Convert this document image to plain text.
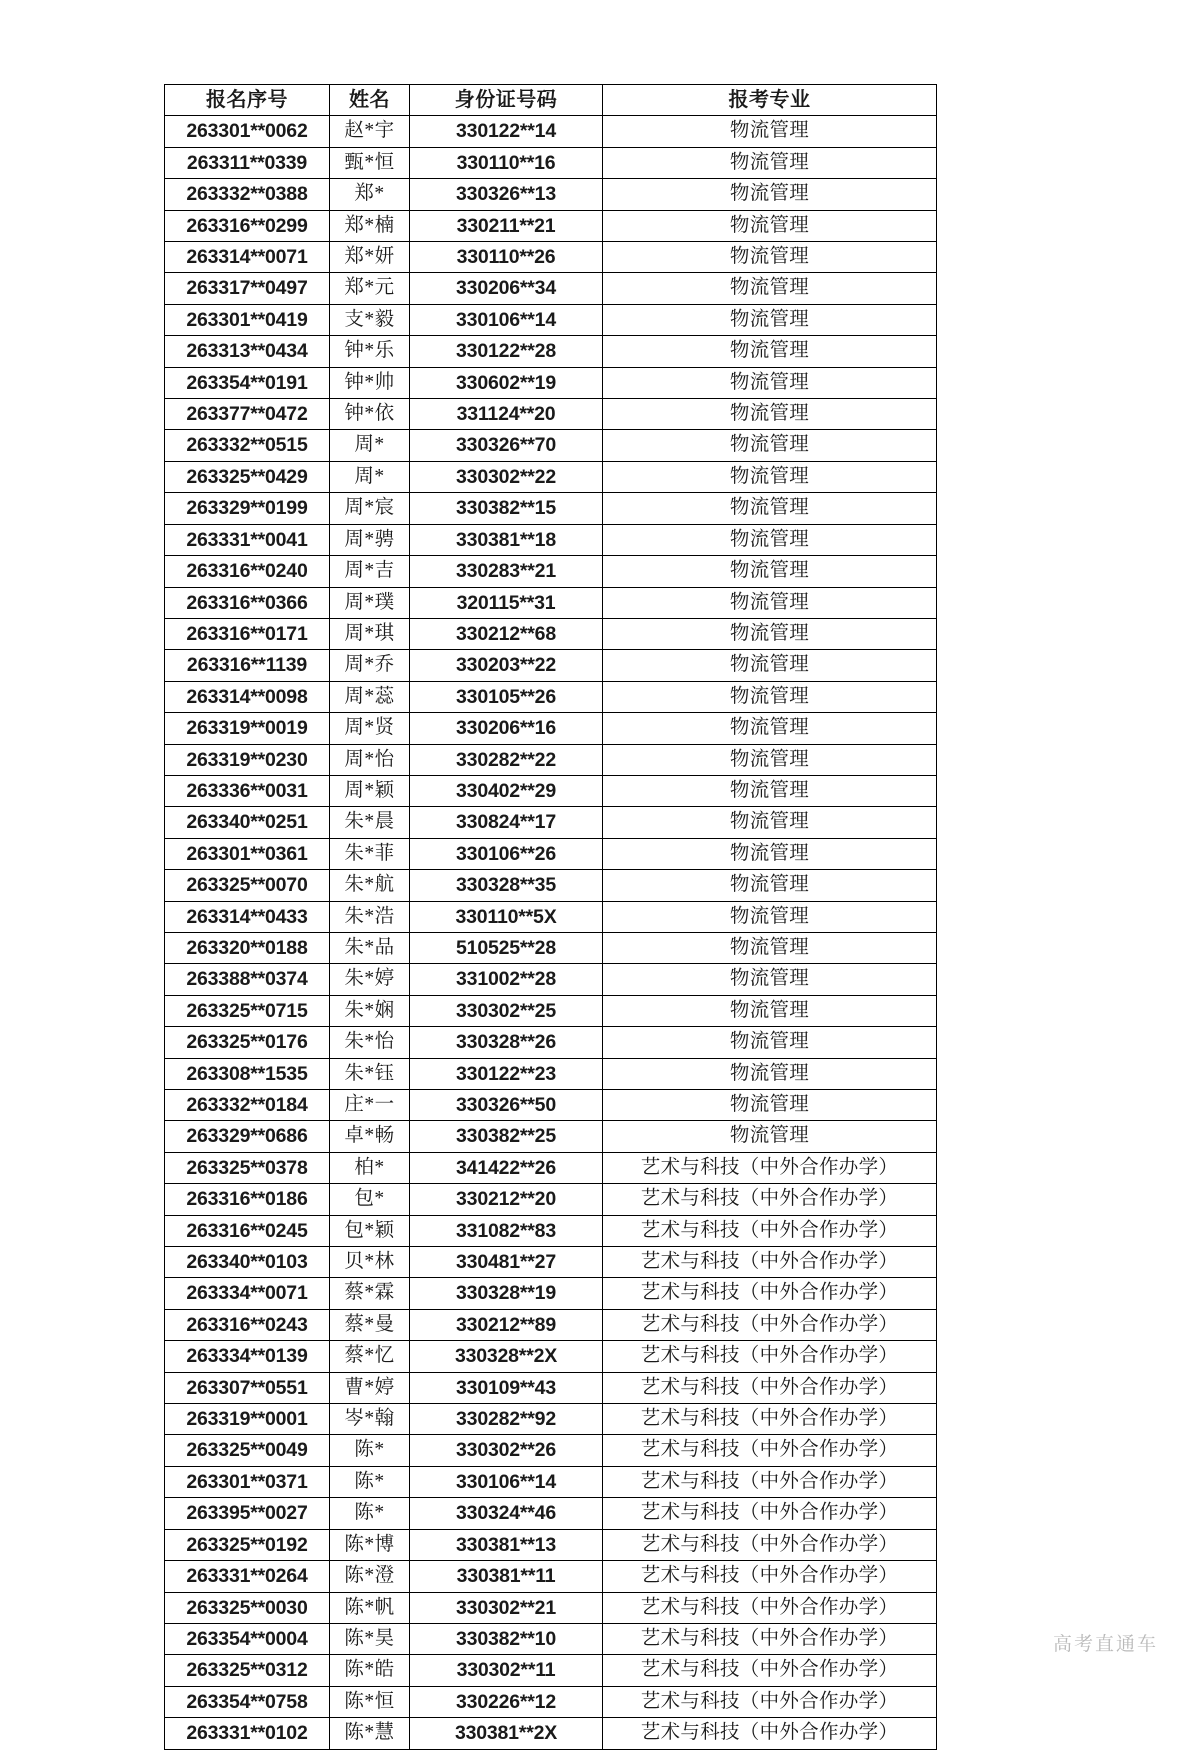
报名序号	姓名	身份证号码	报考专业
263301**0062	赵*宇	330122**14	物流管理
263311**0339	甄*恒	330110**16	物流管理
263332**0388	郑*	330326**13	物流管理
263316**0299	郑*楠	330211**21	物流管理
263314**0071	郑*妍	330110**26	物流管理
263317**0497	郑*元	330206**34	物流管理
263301**0419	支*毅	330106**14	物流管理
263313**0434	钟*乐	330122**28	物流管理
263354**0191	钟*帅	330602**19	物流管理
263377**0472	钟*依	331124**20	物流管理
263332**0515	周*	330326**70	物流管理
263325**0429	周*	330302**22	物流管理
263329**0199	周*宸	330382**15	物流管理
263331**0041	周*骋	330381**18	物流管理
263316**0240	周*吉	330283**21	物流管理
263316**0366	周*璞	320115**31	物流管理
263316**0171	周*琪	330212**68	物流管理
263316**1139	周*乔	330203**22	物流管理
263314**0098	周*蕊	330105**26	物流管理
263319**0019	周*贤	330206**16	物流管理
263319**0230	周*怡	330282**22	物流管理
263336**0031	周*颖	330402**29	物流管理
263340**0251	朱*晨	330824**17	物流管理
263301**0361	朱*菲	330106**26	物流管理
263325**0070	朱*航	330328**35	物流管理
263314**0433	朱*浩	330110**5X	物流管理
263320**0188	朱*品	510525**28	物流管理
263388**0374	朱*婷	331002**28	物流管理
263325**0715	朱*娴	330302**25	物流管理
263325**0176	朱*怡	330328**26	物流管理
263308**1535	朱*钰	330122**23	物流管理
263332**0184	庄*一	330326**50	物流管理
263329**0686	卓*畅	330382**25	物流管理
263325**0378	柏*	341422**26	艺术与科技（中外合作办学）
263316**0186	包*	330212**20	艺术与科技（中外合作办学）
263316**0245	包*颖	331082**83	艺术与科技（中外合作办学）
263340**0103	贝*林	330481**27	艺术与科技（中外合作办学）
263334**0071	蔡*霖	330328**19	艺术与科技（中外合作办学）
263316**0243	蔡*曼	330212**89	艺术与科技（中外合作办学）
263334**0139	蔡*忆	330328**2X	艺术与科技（中外合作办学）
263307**0551	曹*婷	330109**43	艺术与科技（中外合作办学）
263319**0001	岑*翰	330282**92	艺术与科技（中外合作办学）
263325**0049	陈*	330302**26	艺术与科技（中外合作办学）
263301**0371	陈*	330106**14	艺术与科技（中外合作办学）
263395**0027	陈*	330324**46	艺术与科技（中外合作办学）
263325**0192	陈*博	330381**13	艺术与科技（中外合作办学）
263331**0264	陈*澄	330381**11	艺术与科技（中外合作办学）
263325**0030	陈*帆	330302**21	艺术与科技（中外合作办学）
263354**0004	陈*昊	330382**10	艺术与科技（中外合作办学）
263325**0312	陈*皓	330302**11	艺术与科技（中外合作办学）
263354**0758	陈*恒	330226**12	艺术与科技（中外合作办学）
263331**0102	陈*慧	330381**2X	艺术与科技（中外合作办学）
高考直通车
